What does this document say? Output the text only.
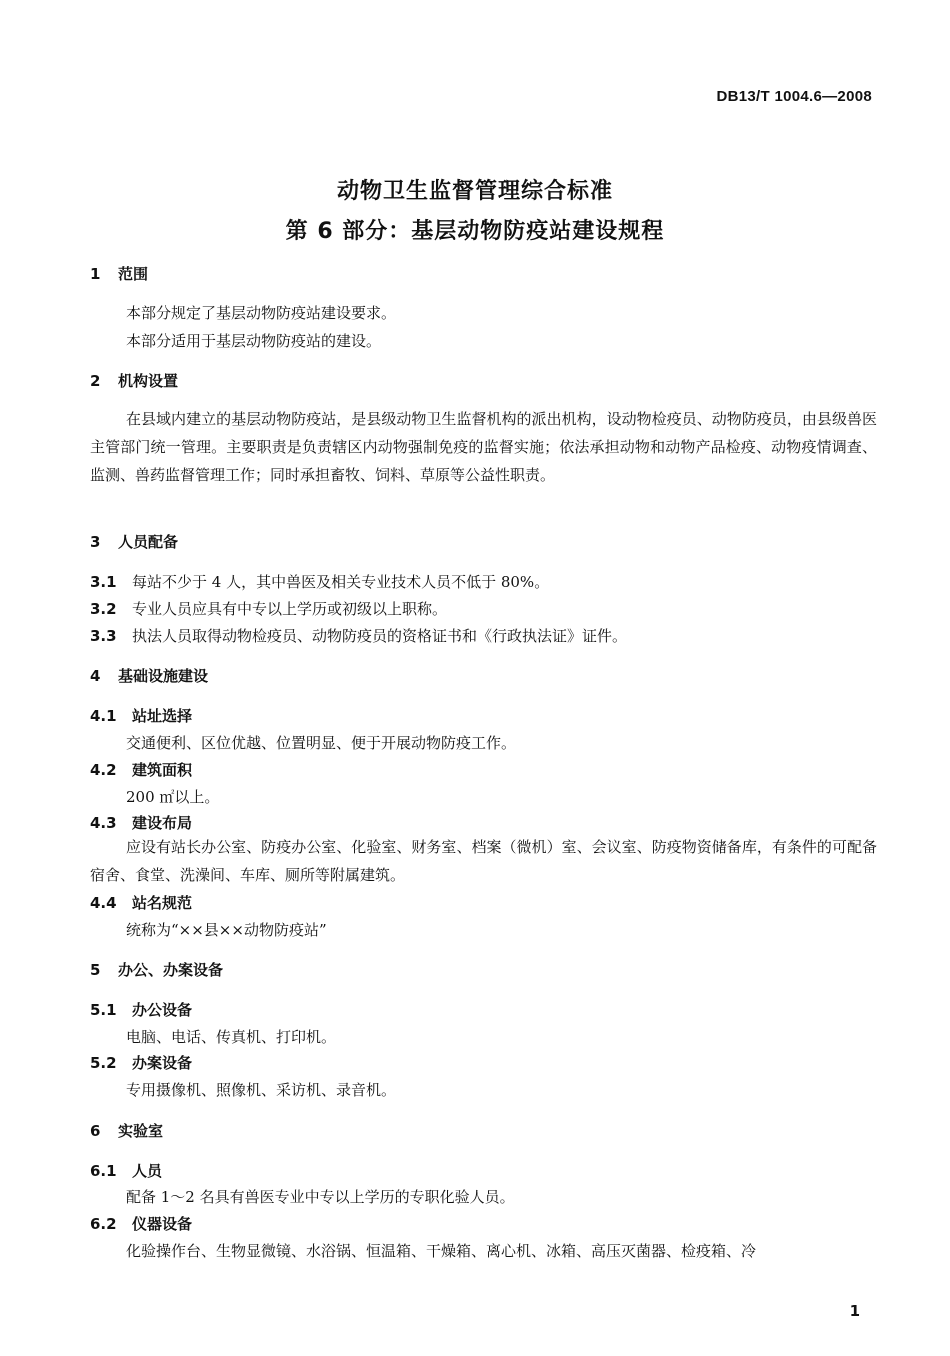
DB13/T 1004.6—2008
动物卫生监督管理综合标准
第 6 部分：基层动物防疫站建设规程
1 范围
本部分规定了基层动物防疫站建设要求。
本部分适用于基层动物防疫站的建设。
2 机构设置
在县域内建立的基层动物防疫站，是县级动物卫生监督机构的派出机构，设动物检疫员、动物防疫员，由县级兽医主管部门统一管理。主要职责是负责辖区内动物强制免疫的监督实施；依法承担动物和动物产品检疫、动物疫情调查、监测、兽药监督管理工作；同时承担畜牧、饲料、草原等公益性职责。
3 人员配备
3.1 每站不少于 4 人，其中兽医及相关专业技术人员不低于 80%。
3.2 专业人员应具有中专以上学历或初级以上职称。
3.3 执法人员取得动物检疫员、动物防疫员的资格证书和《行政执法证》证件。
4 基础设施建设
4.1 站址选择
交通便利、区位优越、位置明显、便于开展动物防疫工作。
4.2 建筑面积
200 ㎡以上。
4.3 建设布局
应设有站长办公室、防疫办公室、化验室、财务室、档案（微机）室、会议室、防疫物资储备库，有条件的可配备宿舍、食堂、洗澡间、车库、厕所等附属建筑。
4.4 站名规范
统称为“××县××动物防疫站”
5 办公、办案设备
5.1 办公设备
电脑、电话、传真机、打印机。
5.2 办案设备
专用摄像机、照像机、采访机、录音机。
6 实验室
6.1 人员
配备 1～2 名具有兽医专业中专以上学历的专职化验人员。
6.2 仪器设备
化验操作台、生物显微镜、水浴锅、恒温箱、干燥箱、离心机、冰箱、高压灭菌器、检疫箱、冷
1
